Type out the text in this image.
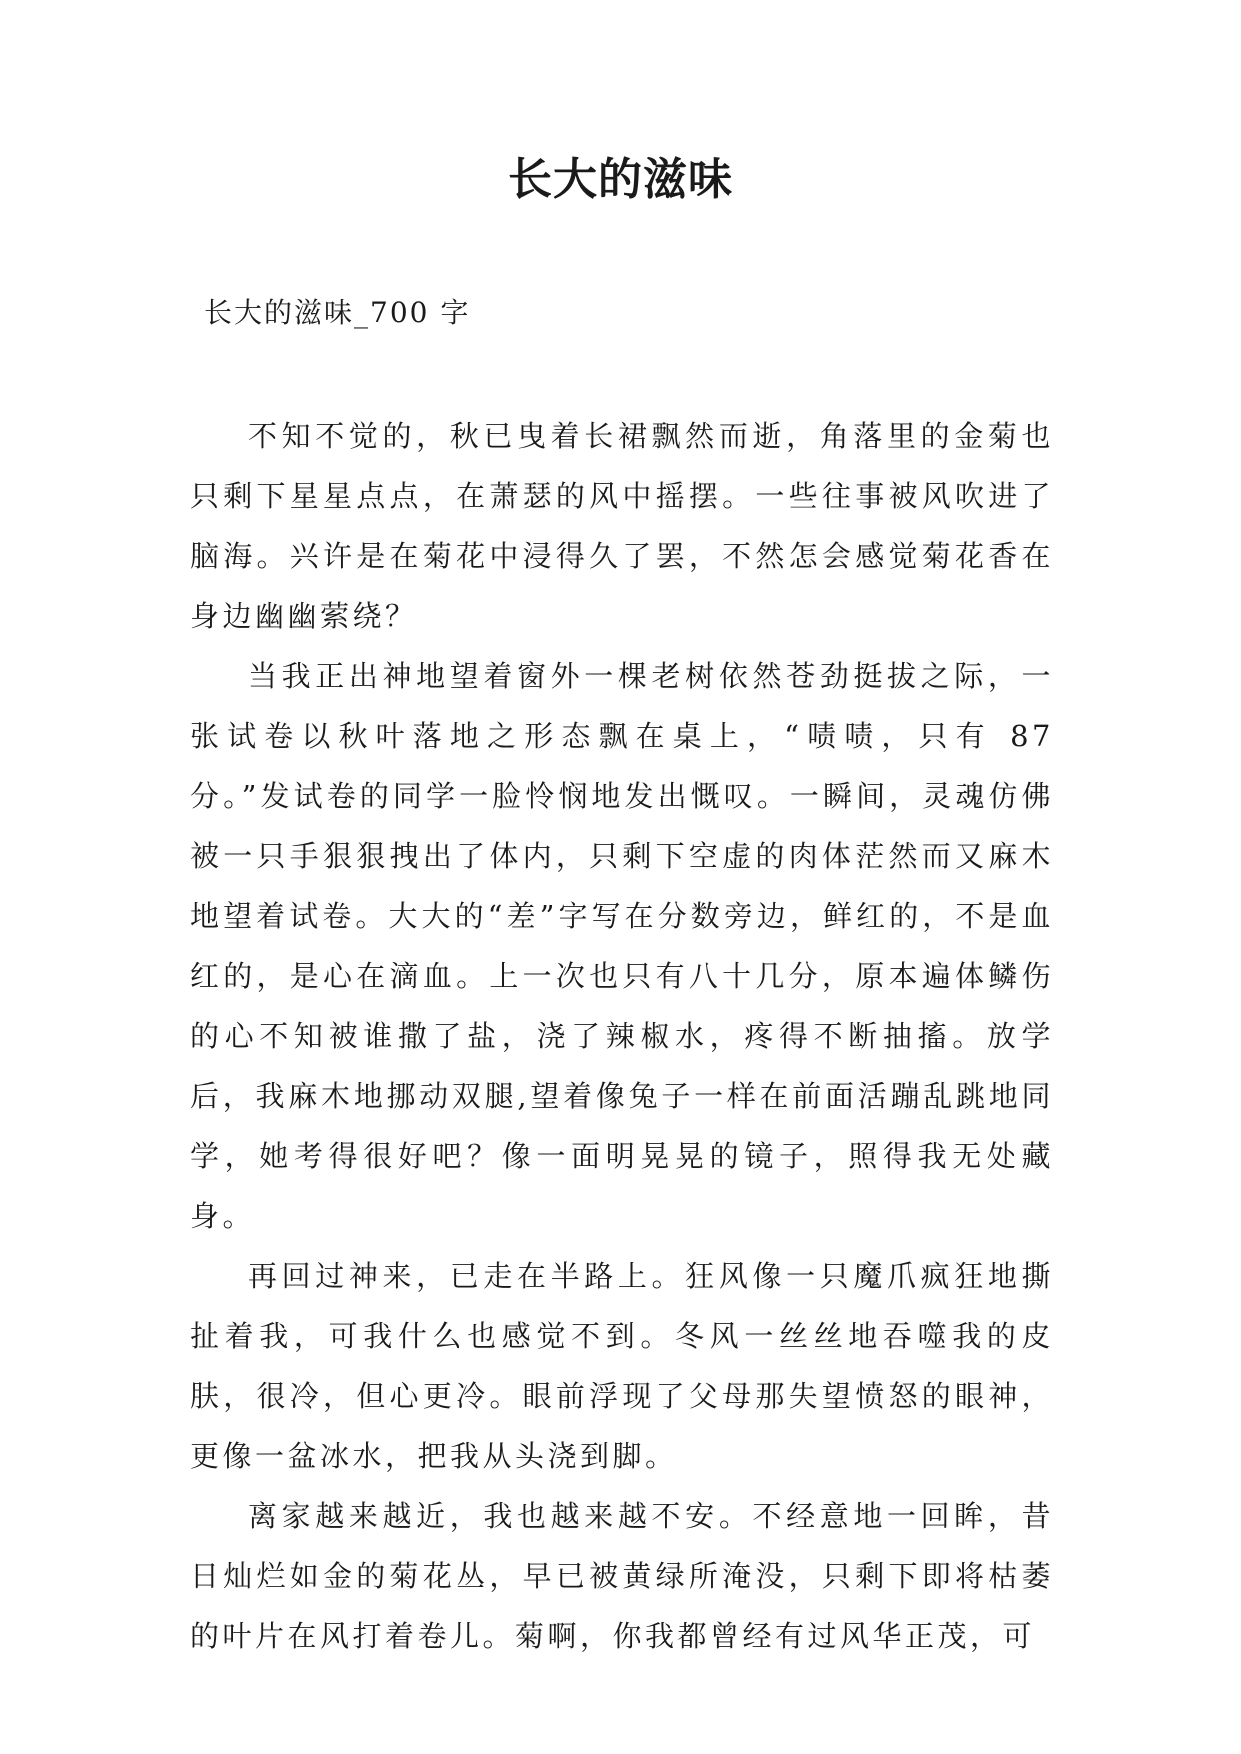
长大的滋味

长大的滋味_700 字

不知不觉的，秋已曳着长裙飘然而逝，角落里的金菊也只剩下星星点点，在萧瑟的风中摇摆。一些往事被风吹进了脑海。兴许是在菊花中浸得久了罢，不然怎会感觉菊花香在身边幽幽萦绕？

当我正出神地望着窗外一棵老树依然苍劲挺拔之际，一张试卷以秋叶落地之形态飘在桌上，“啧啧，只有 87 分。”发试卷的同学一脸怜悯地发出慨叹。一瞬间，灵魂仿佛被一只手狠狠拽出了体内，只剩下空虚的肉体茫然而又麻木地望着试卷。大大的“差”字写在分数旁边，鲜红的，不是血红的，是心在滴血。上一次也只有八十几分，原本遍体鳞伤的心不知被谁撒了盐，浇了辣椒水，疼得不断抽搐。放学后，我麻木地挪动双腿,望着像兔子一样在前面活蹦乱跳地同学，她考得很好吧？像一面明晃晃的镜子，照得我无处藏身。

再回过神来，已走在半路上。狂风像一只魔爪疯狂地撕扯着我，可我什么也感觉不到。冬风一丝丝地吞噬我的皮肤，很冷，但心更冷。眼前浮现了父母那失望愤怒的眼神，更像一盆冰水，把我从头浇到脚。

离家越来越近，我也越来越不安。不经意地一回眸，昔日灿烂如金的菊花丛，早已被黄绿所淹没，只剩下即将枯萎的叶片在风打着卷儿。菊啊，你我都曾经有过风华正茂，可
